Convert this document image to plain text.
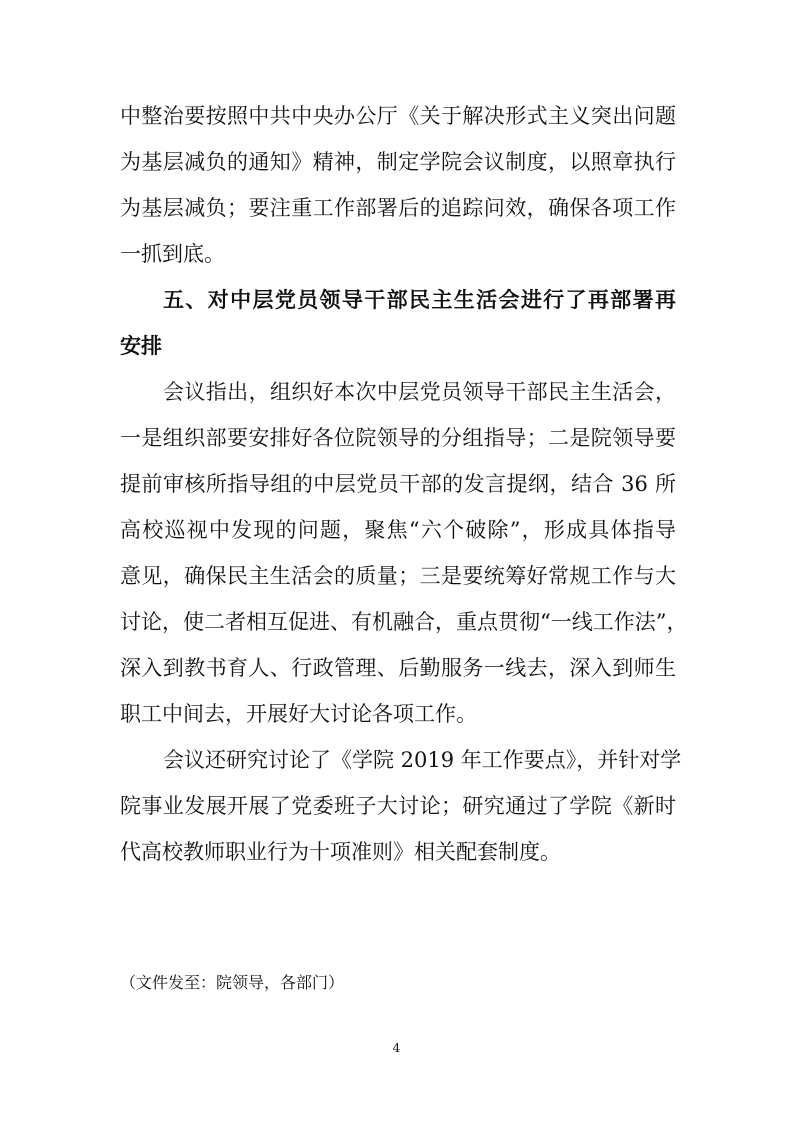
中整治要按照中共中央办公厅《关于解决形式主义突出问题
为基层减负的通知》精神，制定学院会议制度，以照章执行
为基层减负；要注重工作部署后的追踪问效，确保各项工作
一抓到底。
五、对中层党员领导干部民主生活会进行了再部署再
安排
会议指出，组织好本次中层党员领导干部民主生活会，
一是组织部要安排好各位院领导的分组指导；二是院领导要
提前审核所指导组的中层党员干部的发言提纲，结合 36 所
高校巡视中发现的问题，聚焦“六个破除”，形成具体指导
意见，确保民主生活会的质量；三是要统筹好常规工作与大
讨论，使二者相互促进、有机融合，重点贯彻“一线工作法”，
深入到教书育人、行政管理、后勤服务一线去，深入到师生
职工中间去，开展好大讨论各项工作。
会议还研究讨论了《学院 2019 年工作要点》，并针对学
院事业发展开展了党委班子大讨论；研究通过了学院《新时
代高校教师职业行为十项准则》相关配套制度。
（文件发至：院领导，各部门）
4
